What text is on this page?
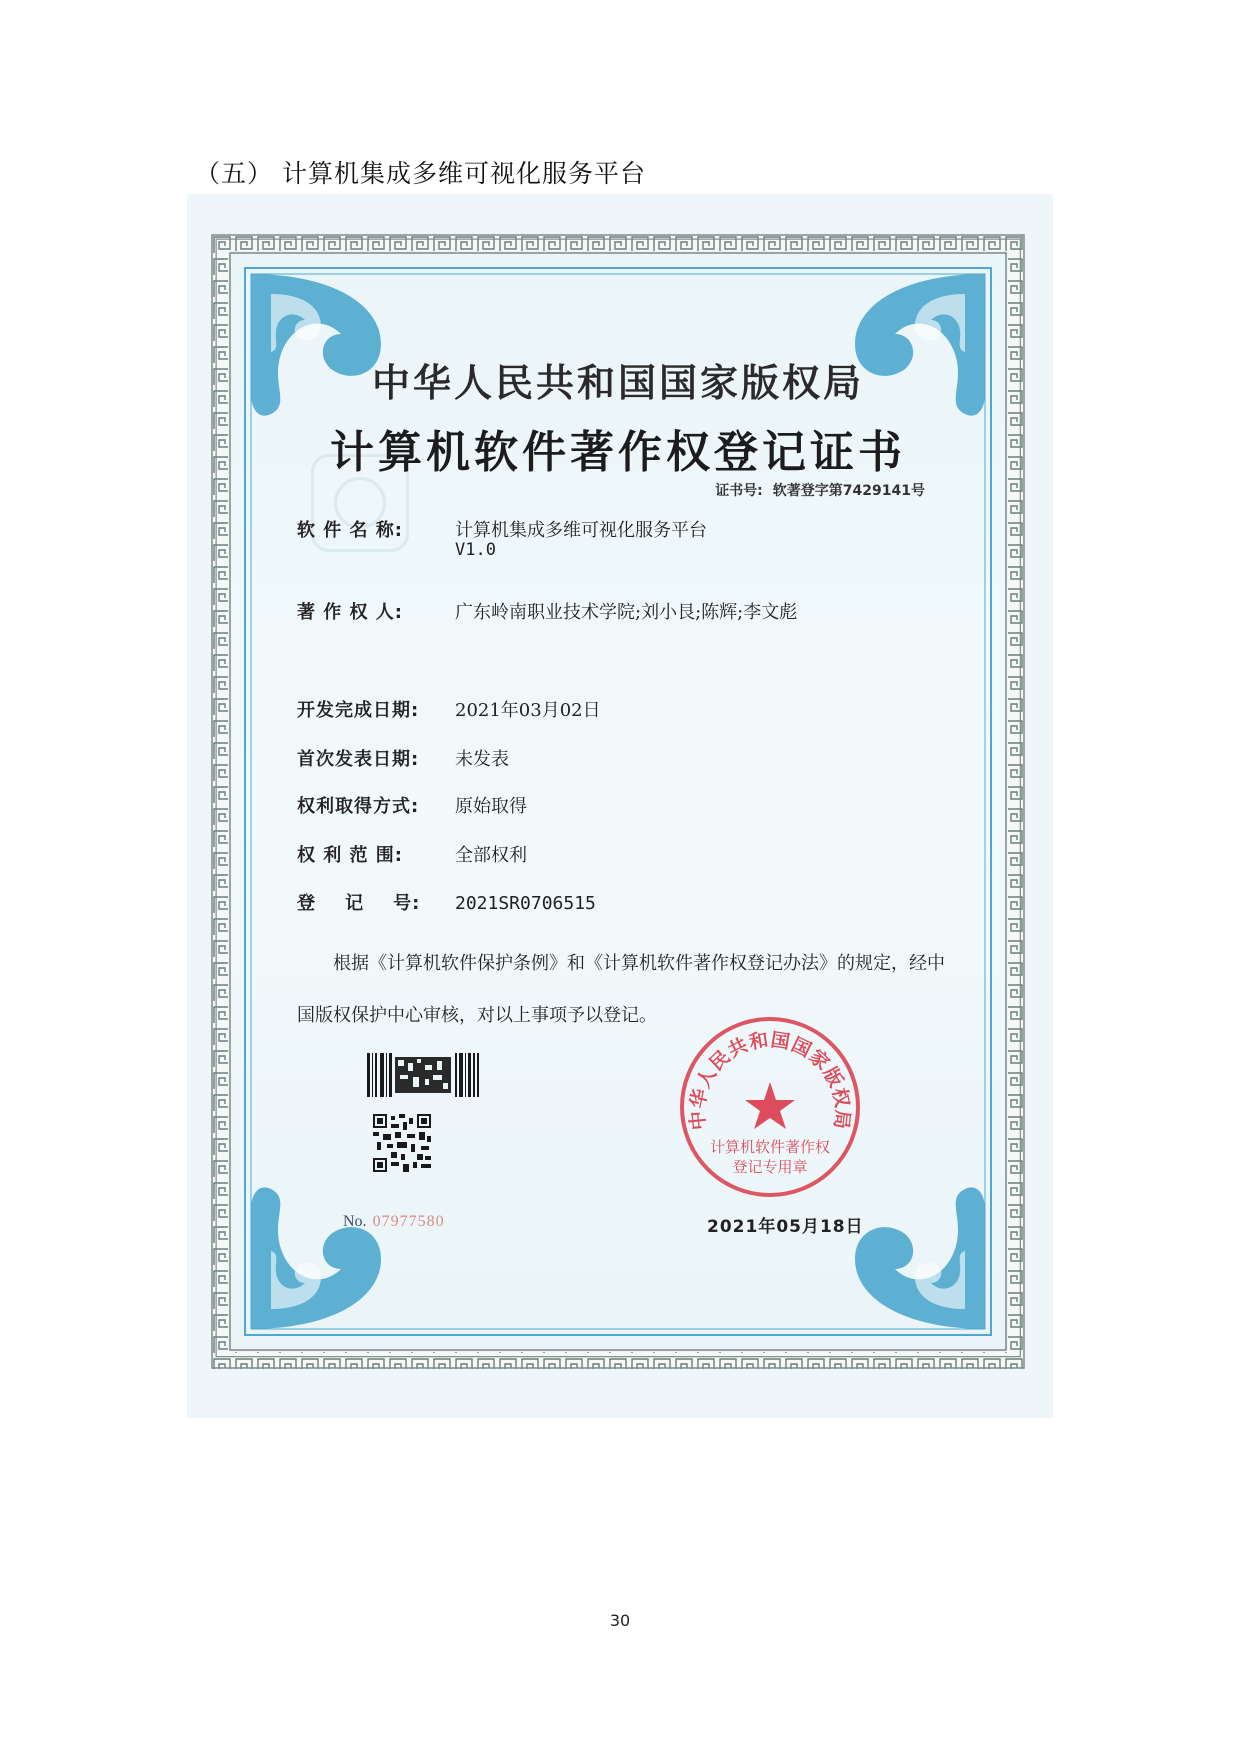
（五） 计算机集成多维可视化服务平台
中华人民共和国国家版权局
计算机软件著作权登记证书
证书号: 软著登字第7429141号
软 件 名 称:	计算机集成多维可视化服务平台
V1.0
著 作 权 人:	广东岭南职业技术学院;刘小艮;陈辉;李文彪
开发完成日期: 2021年03月02日
首次发表日期: 未发表
权利取得方式: 原始取得
权 利 范 围:	全部权利
登    记    号: 2021SR0706515
根据《计算机软件保护条例》和《计算机软件著作权登记办法》的规定，经中国版权保护中心审核，对以上事项予以登记。
No. 07977580
中华人民共和国国家版权局
计算机软件著作权
登记专用章
2021年05月18日
30
